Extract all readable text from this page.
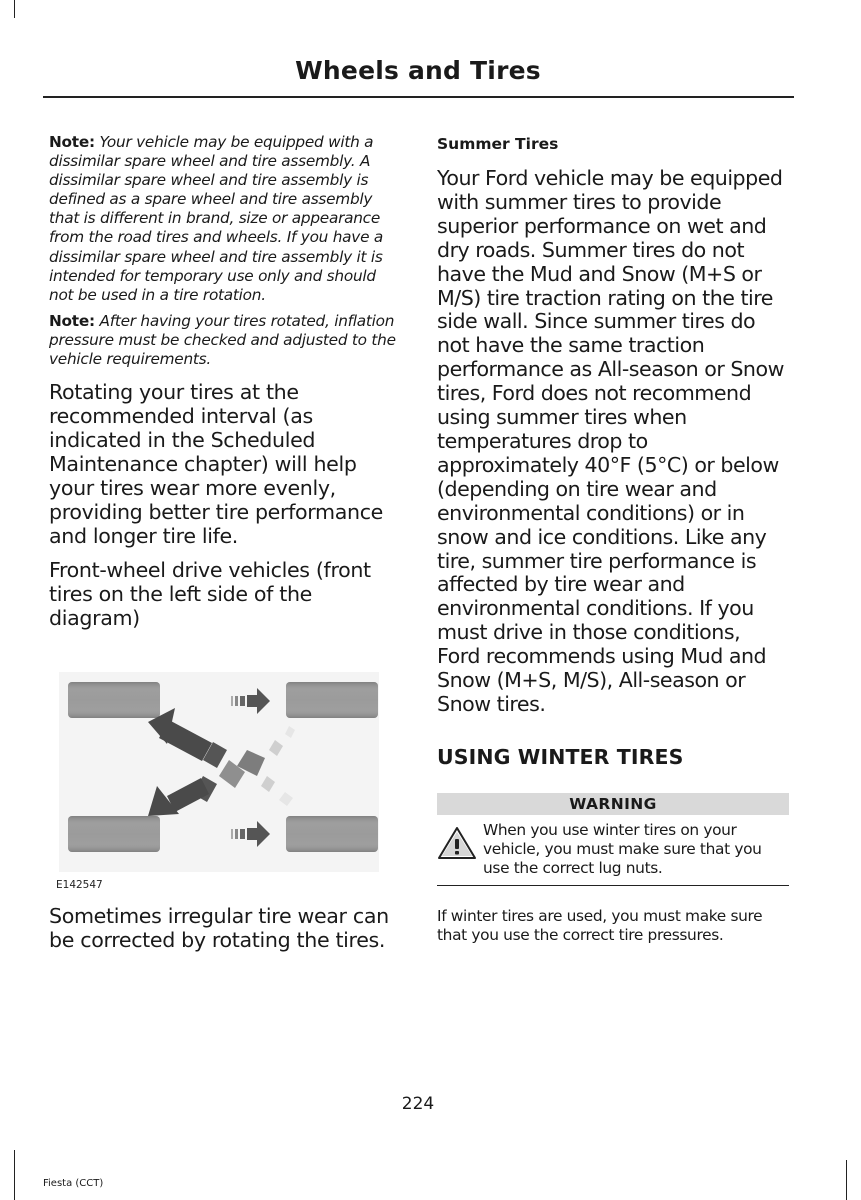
Wheels and Tires

Note: Your vehicle may be equipped with a dissimilar spare wheel and tire assembly. A dissimilar spare wheel and tire assembly is defined as a spare wheel and tire assembly that is different in brand, size or appearance from the road tires and wheels. If you have a dissimilar spare wheel and tire assembly it is intended for temporary use only and should not be used in a tire rotation.

Note: After having your tires rotated, inflation pressure must be checked and adjusted to the vehicle requirements.

Rotating your tires at the recommended interval (as indicated in the Scheduled Maintenance chapter) will help your tires wear more evenly, providing better tire performance and longer tire life.

Front-wheel drive vehicles (front tires on the left side of the diagram)

E142547

Sometimes irregular tire wear can be corrected by rotating the tires.

Summer Tires

Your Ford vehicle may be equipped with summer tires to provide superior performance on wet and dry roads. Summer tires do not have the Mud and Snow (M+S or M/S) tire traction rating on the tire side wall. Since summer tires do not have the same traction performance as All-season or Snow tires, Ford does not recommend using summer tires when temperatures drop to approximately 40°F (5°C) or below (depending on tire wear and environmental conditions) or in snow and ice conditions. Like any tire, summer tire performance is affected by tire wear and environmental conditions. If you must drive in those conditions, Ford recommends using Mud and Snow (M+S, M/S), All-season or Snow tires.

USING WINTER TIRES
WARNING
When you use winter tires on your vehicle, you must make sure that you use the correct lug nuts.
If winter tires are used, you must make sure that you use the correct tire pressures.
224
Fiesta (CCT)
